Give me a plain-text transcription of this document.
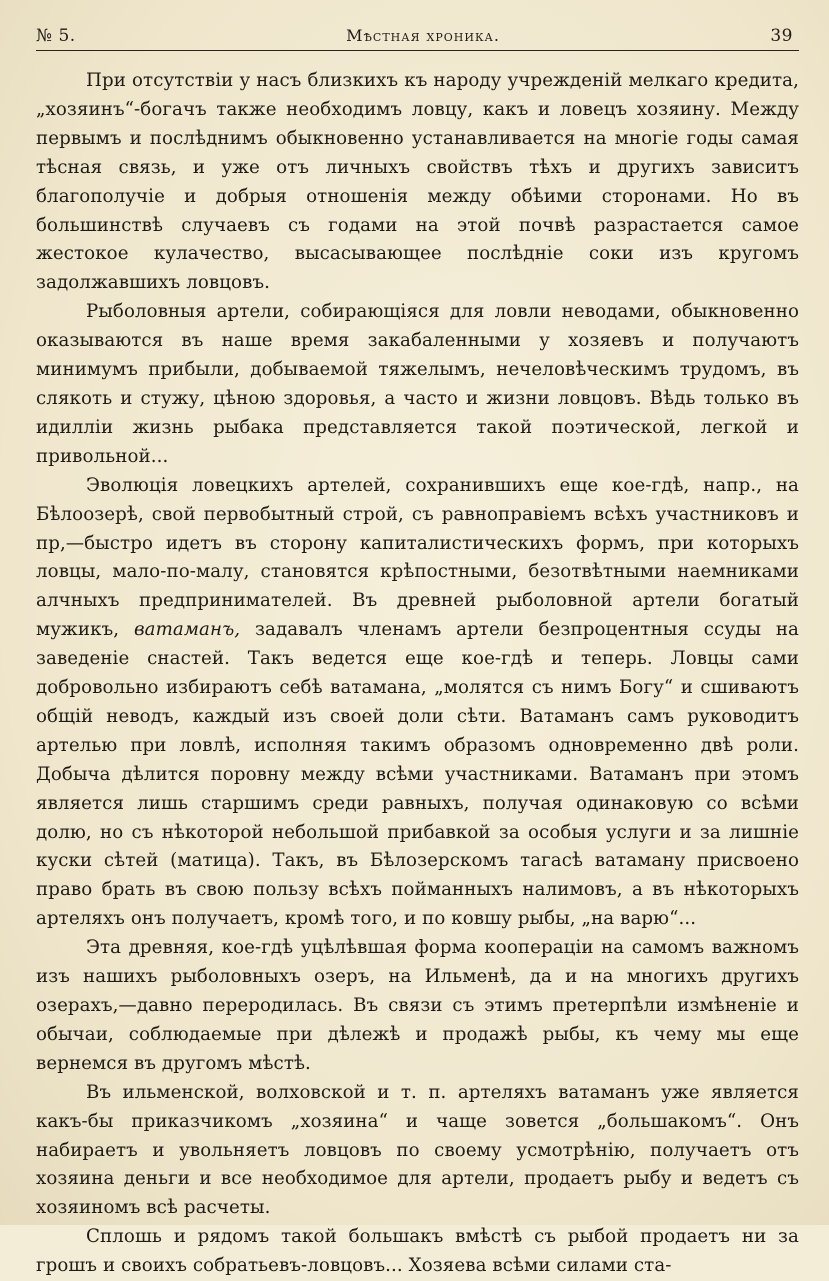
№ 5.	Мѣстная хроника.	39

При отсутствіи у насъ близкихъ къ народу учрежденій мелкаго кредита, „хозяинъ“-богачъ также необходимъ ловцу, какъ и ловецъ хозяину. Между первымъ и послѣднимъ обыкновенно устанавливается на многіе годы самая тѣсная связь, и уже отъ личныхъ свойствъ тѣхъ и другихъ зависитъ благополучіе и добрыя отношенія между обѣими сторонами. Но въ большинствѣ случаевъ съ годами на этой почвѣ разрастается самое жестокое кулачество, высасывающее послѣдніе соки изъ кругомъ задолжавшихъ ловцовъ.

Рыболовныя артели, собирающіяся для ловли неводами, обыкновенно оказываются въ наше время закабаленными у хозяевъ и получаютъ минимумъ прибыли, добываемой тяжелымъ, нечеловѣческимъ трудомъ, въ слякоть и стужу, цѣною здоровья, а часто и жизни ловцовъ. Вѣдь только въ идилліи жизнь рыбака представляется такой поэтической, легкой и привольной...

Эволюція ловецкихъ артелей, сохранившихъ еще кое-гдѣ, напр., на Бѣлоозерѣ, свой первобытный строй, съ равноправіемъ всѣхъ участниковъ и пр,—быстро идетъ въ сторону капиталистическихъ формъ, при которыхъ ловцы, мало-по-малу, становятся крѣпостными, безотвѣтными наемниками алчныхъ предпринимателей. Въ древней рыболовной артели богатый мужикъ, ватаманъ, задавалъ членамъ артели безпроцентныя ссуды на заведеніе снастей. Такъ ведется еще кое-гдѣ и теперь. Ловцы сами добровольно избираютъ себѣ ватамана, „молятся съ нимъ Богу“ и сшиваютъ общій неводъ, каждый изъ своей доли сѣти. Ватаманъ самъ руководитъ артелью при ловлѣ, исполняя такимъ образомъ одновременно двѣ роли. Добыча дѣлится поровну между всѣми участниками. Ватаманъ при этомъ является лишь старшимъ среди равныхъ, получая одинаковую со всѣми долю, но съ нѣкоторой небольшой прибавкой за особыя услуги и за лишніе куски сѣтей (матица). Такъ, въ Бѣлозерскомъ тагасѣ ватаману присвоено право брать въ свою пользу всѣхъ пойманныхъ налимовъ, а въ нѣкоторыхъ артеляхъ онъ получаетъ, кромѣ того, и по ковшу рыбы, „на варю“...

Эта древняя, кое-гдѣ уцѣлѣвшая форма коопераціи на самомъ важномъ изъ нашихъ рыболовныхъ озеръ, на Ильменѣ, да и на многихъ другихъ озерахъ,—давно переродилась. Въ связи съ этимъ претерпѣли измѣненіе и обычаи, соблюдаемые при дѣлежѣ и продажѣ рыбы, къ чему мы еще вернемся въ другомъ мѣстѣ.

Въ ильменской, волховской и т. п. артеляхъ ватаманъ уже является какъ-бы приказчикомъ „хозяина“ и чаще зовется „большакомъ“. Онъ набираетъ и увольняетъ ловцовъ по своему усмотрѣнію, получаетъ отъ хозяина деньги и все необходимое для артели, продаетъ рыбу и ведетъ съ хозяиномъ всѣ расчеты.

Сплошь и рядомъ такой большакъ вмѣстѣ съ рыбой продаетъ ни за грошъ и своихъ собратьевъ-ловцовъ... Хозяева всѣми силами ста-
